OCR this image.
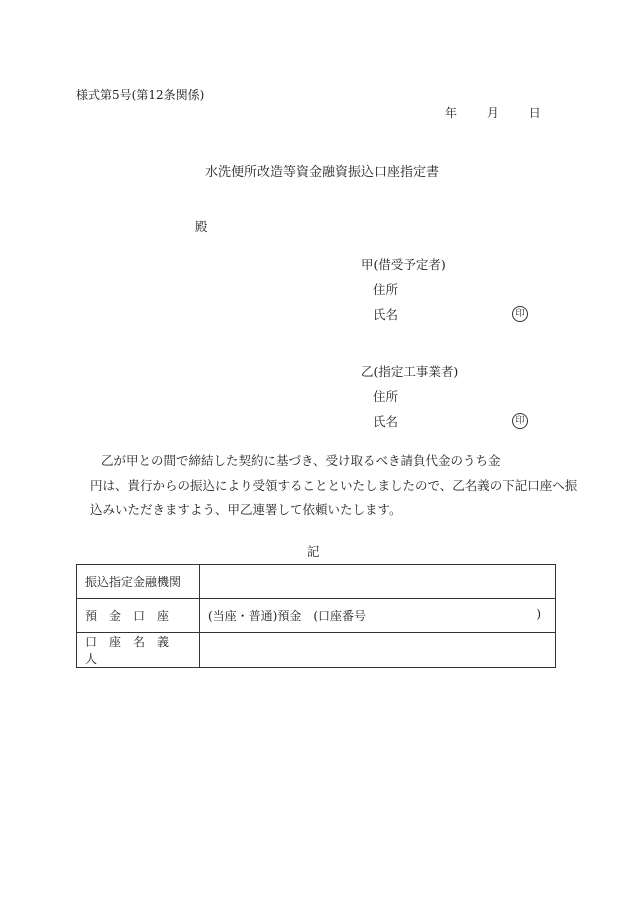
様式第5号(第12条関係)
年 月 日
水洗便所改造等資金融資振込口座指定書
殿
甲(借受予定者)
住所
氏名	印
乙(指定工事業者)
住所
氏名	印
乙が甲との間で締結した契約に基づき、受け取るべき請負代金のうち金
円は、貴行からの振込により受領することといたしましたので、乙名義の下記口座へ振
込みいただきますよう、甲乙連署して依頼いたします。
記
振込指定金融機関	

預　金　口　座	(当座・普通)預金　(口座番号 )

口　座　名　義　人	
